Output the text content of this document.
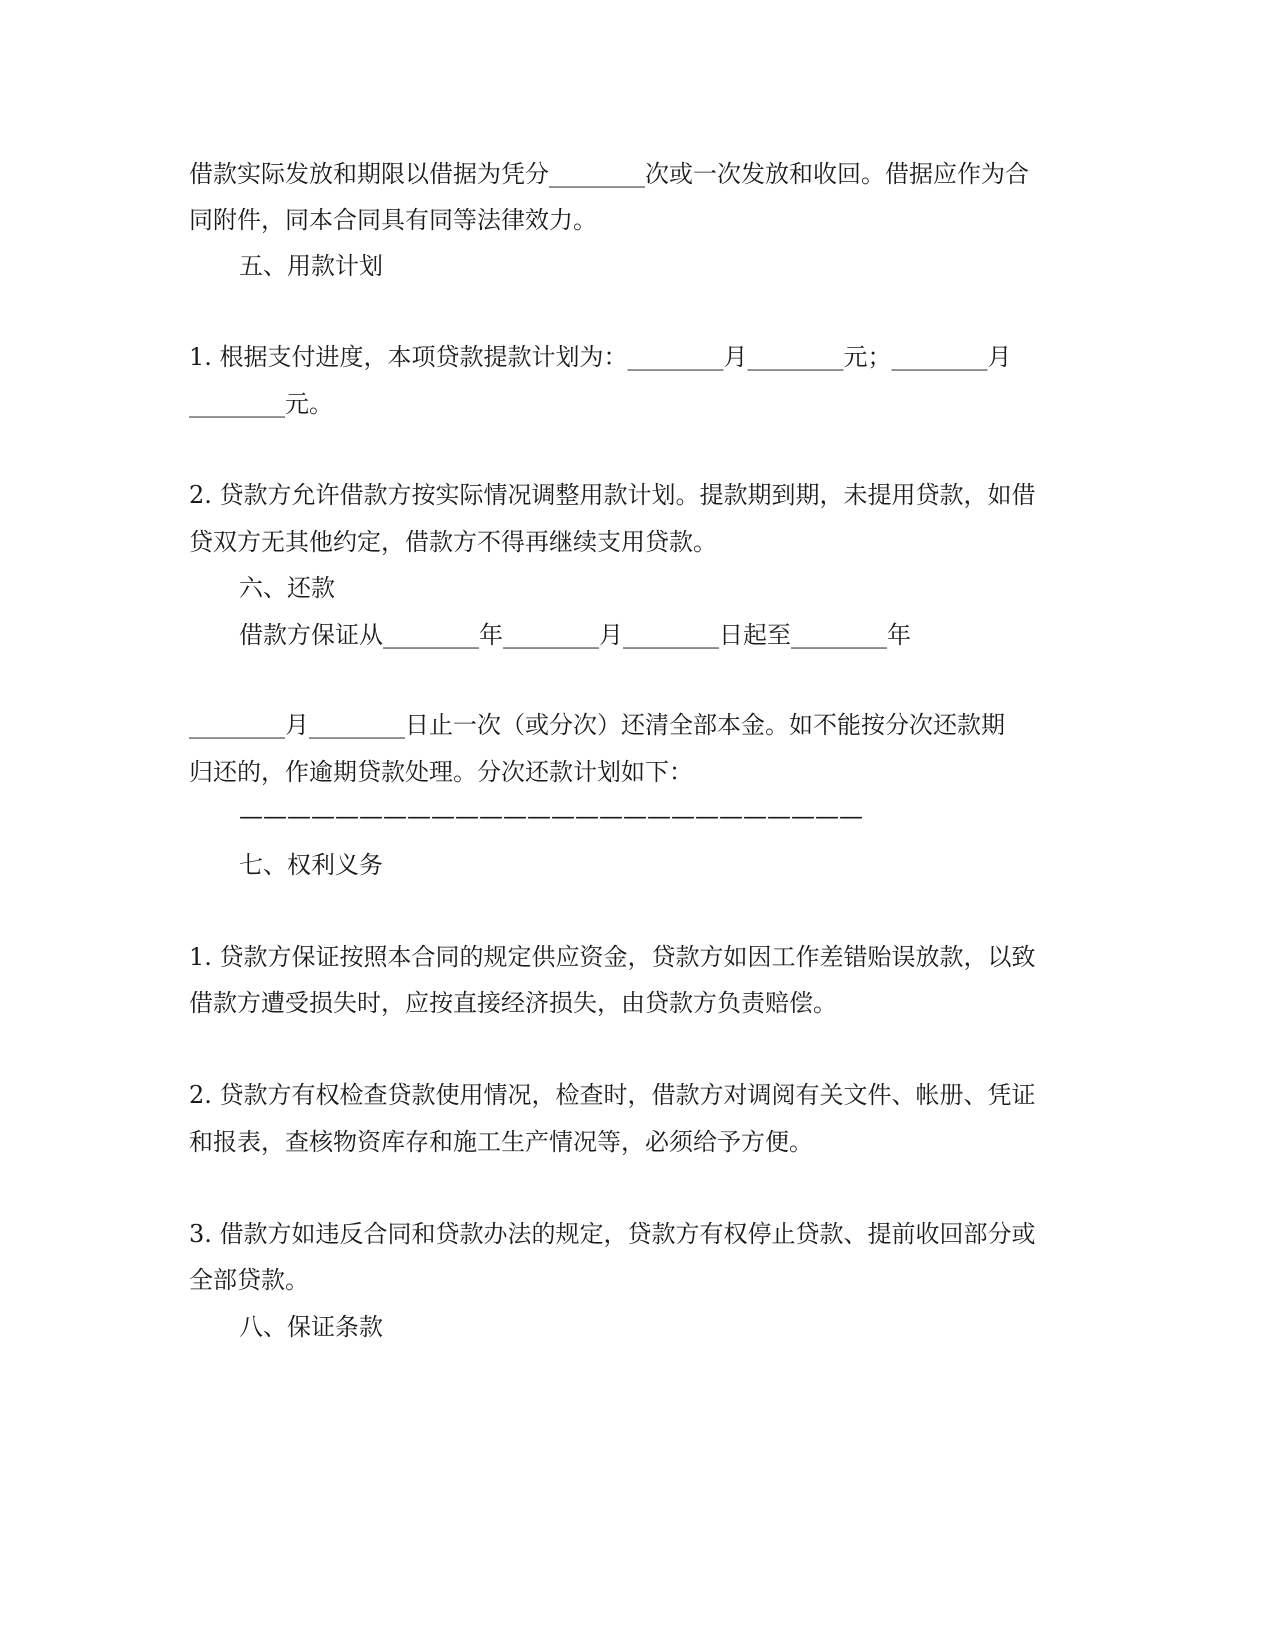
借款实际发放和期限以借据为凭分________次或一次发放和收回。借据应作为合
同附件，同本合同具有同等法律效力。
五、用款计划
1. 根据支付进度，本项贷款提款计划为：________月________元；________月
________元。
2. 贷款方允许借款方按实际情况调整用款计划。提款期到期，未提用贷款，如借
贷双方无其他约定，借款方不得再继续支用贷款。
六、还款
借款方保证从________年________月________日起至________年
________月________日止一次（或分次）还清全部本金。如不能按分次还款期
归还的，作逾期贷款处理。分次还款计划如下：
——————————————————————————
七、权利义务
1. 贷款方保证按照本合同的规定供应资金，贷款方如因工作差错贻误放款，以致
借款方遭受损失时，应按直接经济损失，由贷款方负责赔偿。
2. 贷款方有权检查贷款使用情况，检查时，借款方对调阅有关文件、帐册、凭证
和报表，查核物资库存和施工生产情况等，必须给予方便。
3. 借款方如违反合同和贷款办法的规定，贷款方有权停止贷款、提前收回部分或
全部贷款。
八、保证条款
